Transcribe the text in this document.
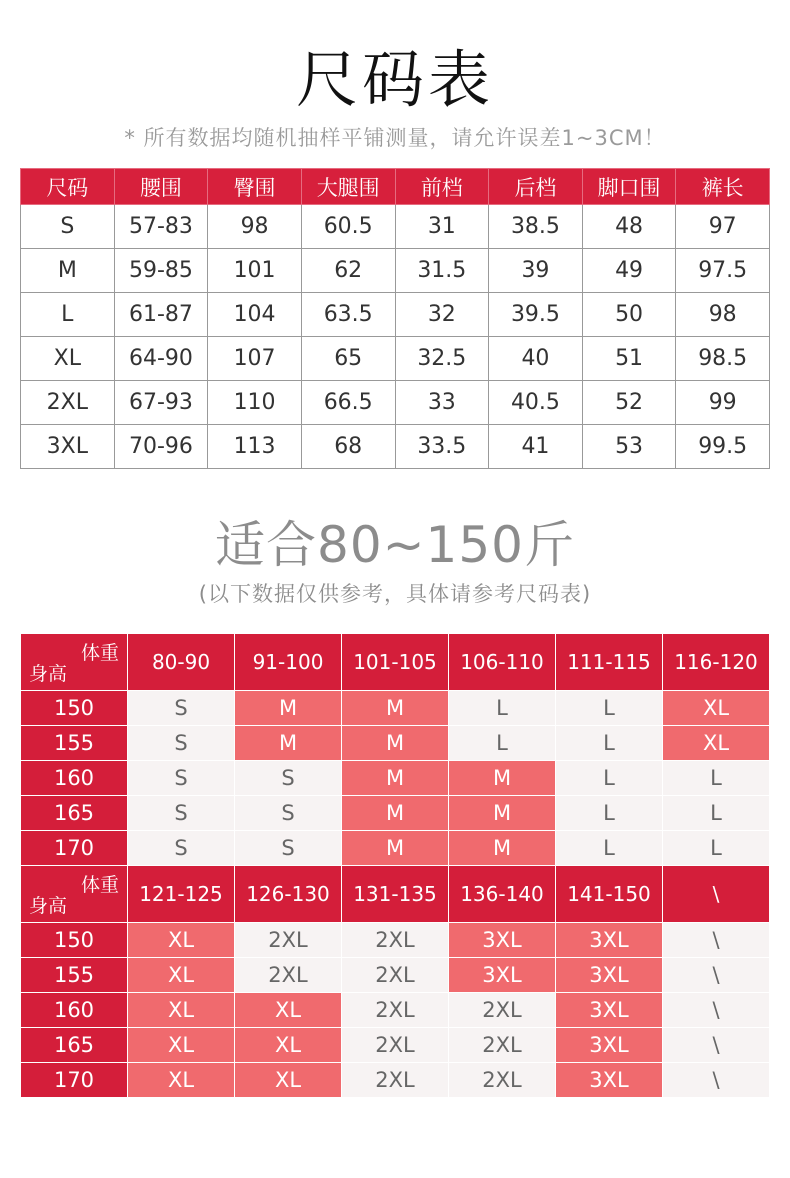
尺码表
* 所有数据均随机抽样平铺测量，请允许误差1~3CM！
尺码	腰围	臀围	大腿围	前档	后档	脚口围	裤长
S	57-83	98	60.5	31	38.5	48	97
M	59-85	101	62	31.5	39	49	97.5
L	61-87	104	63.5	32	39.5	50	98
XL	64-90	107	65	32.5	40	51	98.5
2XL	67-93	110	66.5	33	40.5	52	99
3XL	70-96	113	68	33.5	41	53	99.5
适合80~150斤
(以下数据仅供参考，具体请参考尺码表)
体重
身高	80-90	91-100	101-105	106-110	111-115	116-120
150	S	M	M	L	L	XL
155	S	M	M	L	L	XL
160	S	S	M	M	L	L
165	S	S	M	M	L	L
170	S	S	M	M	L	L

体重
身高	121-125	126-130	131-135	136-140	141-150	\
150	XL	2XL	2XL	3XL	3XL	\
155	XL	2XL	2XL	3XL	3XL	\
160	XL	XL	2XL	2XL	3XL	\
165	XL	XL	2XL	2XL	3XL	\
170	XL	XL	2XL	2XL	3XL	\
